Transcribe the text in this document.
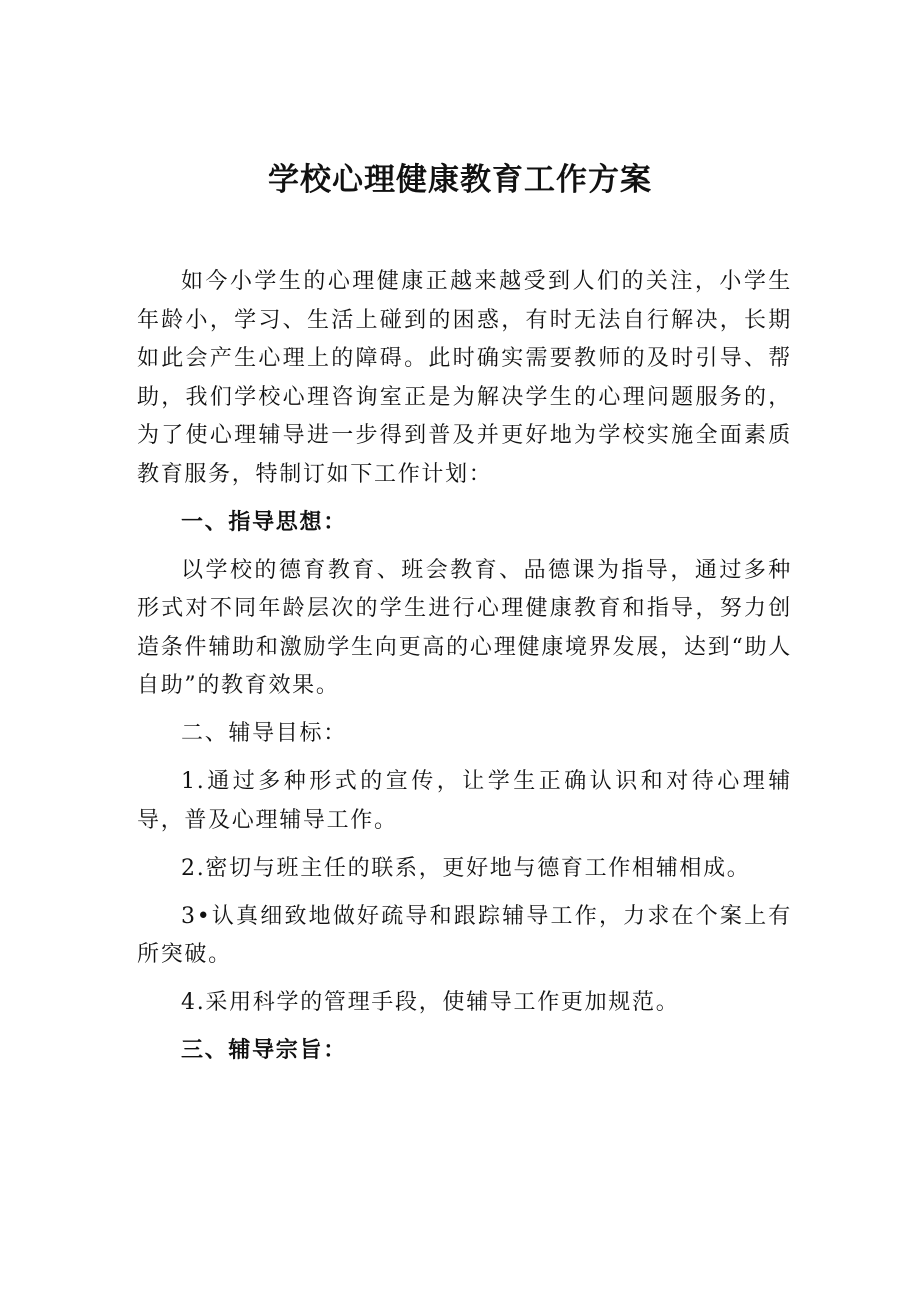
学校心理健康教育工作方案

如今小学生的心理健康正越来越受到人们的关注，小学生年龄小，学习、生活上碰到的困惑，有时无法自行解决，长期如此会产生心理上的障碍。此时确实需要教师的及时引导、帮助，我们学校心理咨询室正是为解决学生的心理问题服务的，为了使心理辅导进一步得到普及并更好地为学校实施全面素质教育服务，特制订如下工作计划：

一、指导思想：

以学校的德育教育、班会教育、品德课为指导，通过多种形式对不同年龄层次的学生进行心理健康教育和指导，努力创造条件辅助和激励学生向更高的心理健康境界发展，达到“助人自助”的教育效果。

二、辅导目标：

1.通过多种形式的宣传，让学生正确认识和对待心理辅导，普及心理辅导工作。

2.密切与班主任的联系，更好地与德育工作相辅相成。

3•认真细致地做好疏导和跟踪辅导工作，力求在个案上有所突破。

4.采用科学的管理手段，使辅导工作更加规范。

三、辅导宗旨：
